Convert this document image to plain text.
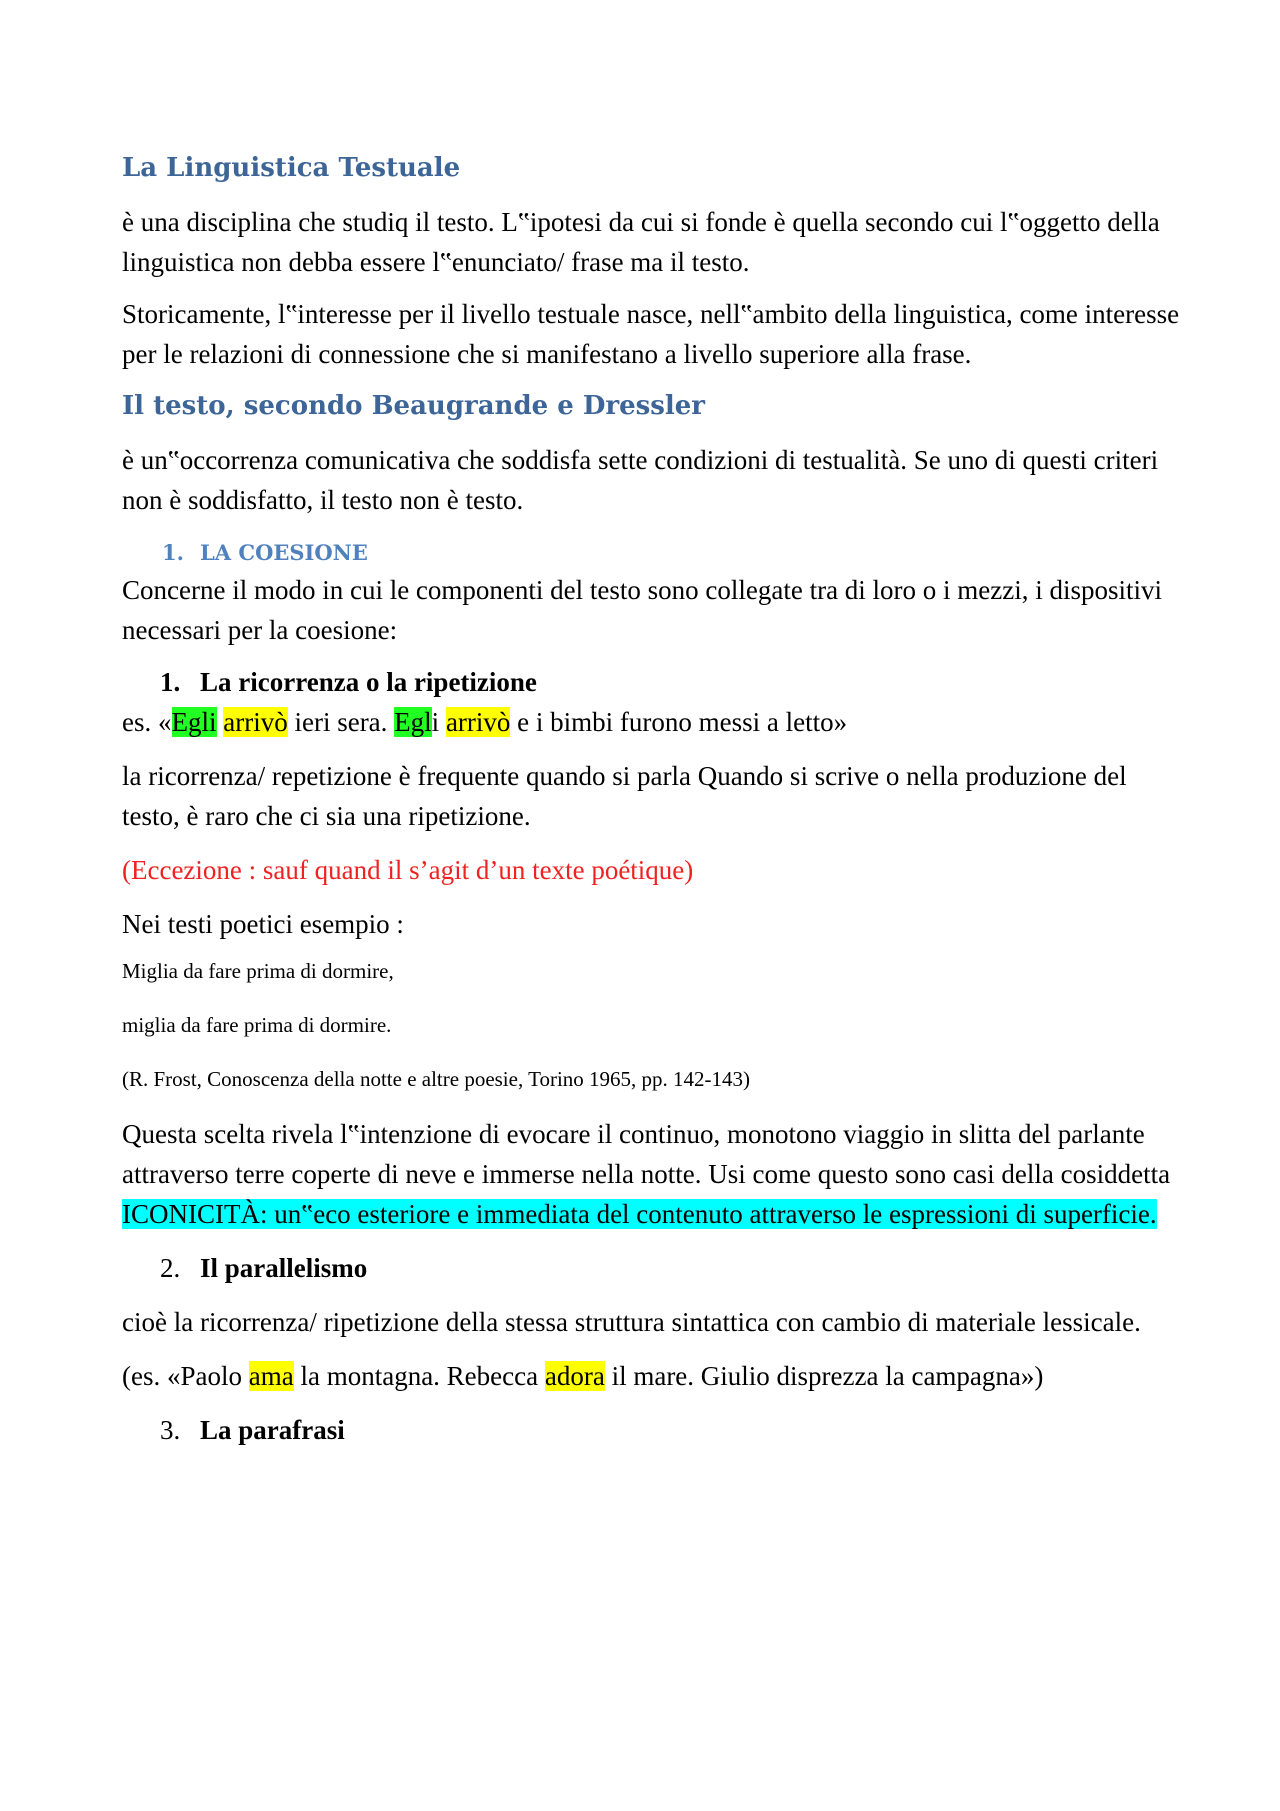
La Linguistica Testuale

è una disciplina che studiq il testo. L‟ipotesi da cui si fonde è quella secondo cui l‟oggetto della linguistica non debba essere l‟enunciato/ frase ma il testo.

Storicamente, l‟interesse per il livello testuale nasce, nell‟ambito della linguistica, come interesse per le relazioni di connessione che si manifestano a livello superiore alla frase.

Il testo, secondo Beaugrande e Dressler

è un‟occorrenza comunicativa che soddisfa sette condizioni di testualità. Se uno di questi criteri non è soddisfatto, il testo non è testo.

1. LA COESIONE

Concerne il modo in cui le componenti del testo sono collegate tra di loro o i mezzi, i dispositivi necessari per la coesione:

1. La ricorrenza o la ripetizione

es. «Egli arrivò ieri sera. Egli arrivò e i bimbi furono messi a letto»

la ricorrenza/ repetizione è frequente quando si parla Quando si scrive o nella produzione del testo, è raro che ci sia una ripetizione.

(Eccezione : sauf quand il s’agit d’un texte poétique)

Nei testi poetici esempio :

Miglia da fare prima di dormire,

miglia da fare prima di dormire.

(R. Frost, Conoscenza della notte e altre poesie, Torino 1965, pp. 142-143)

Questa scelta rivela l‟intenzione di evocare il continuo, monotono viaggio in slitta del parlante attraverso terre coperte di neve e immerse nella notte. Usi come questo sono casi della cosiddetta ICONICITÀ: un‟eco esteriore e immediata del contenuto attraverso le espressioni di superficie.

2. Il parallelismo

cioè la ricorrenza/ ripetizione della stessa struttura sintattica con cambio di materiale lessicale.

(es. «Paolo ama la montagna. Rebecca adora il mare. Giulio disprezza la campagna»)

3. La parafrasi
